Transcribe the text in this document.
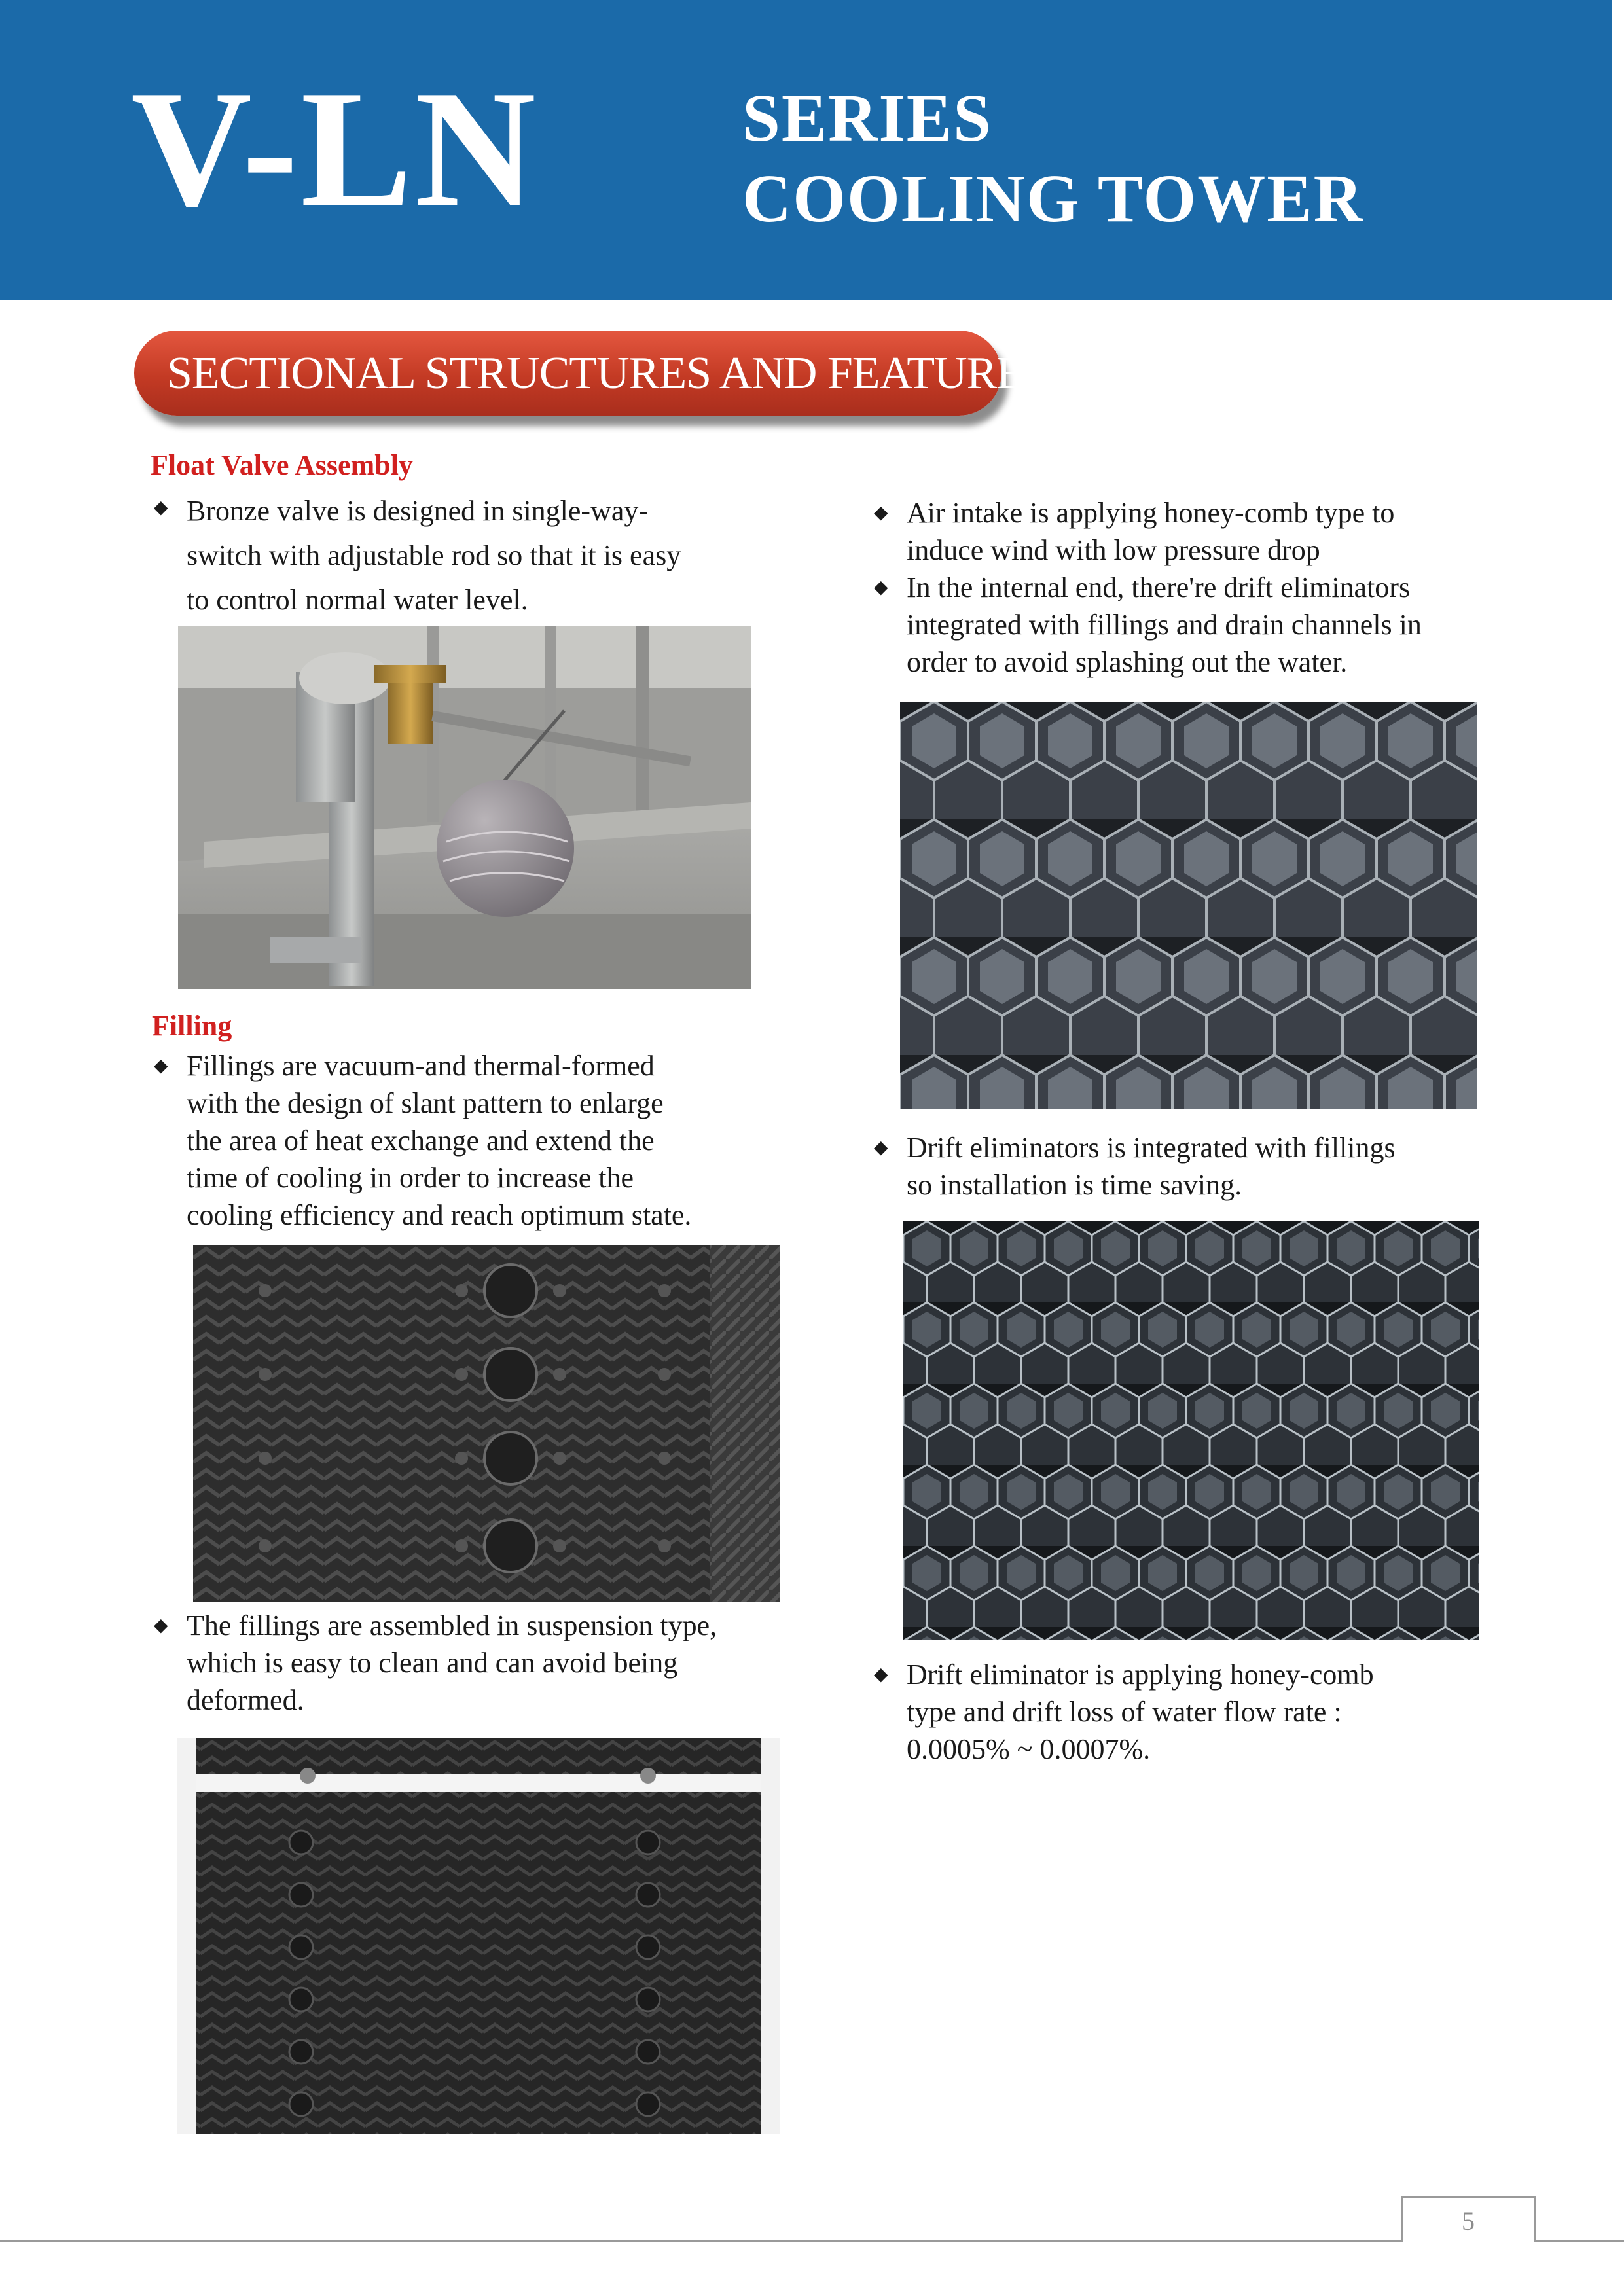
V-LN	SERIES
COOLING TOWER
SECTIONAL STRUCTURES AND FEATURES
Float Valve Assembly
◆ Bronze valve is designed in single-way-
switch with adjustable rod so that it is easy
to control normal water level.
Filling
◆ Fillings are vacuum-and thermal-formed
with the design of slant pattern to enlarge
the area of heat exchange and extend the
time of cooling in order to increase the
cooling efficiency and reach optimum state.
◆ The fillings are assembled in suspension type,
which is easy to clean and can avoid being
deformed.
◆ Air intake is applying honey-comb type to
induce wind with low pressure drop
◆ In the internal end, there're drift eliminators
integrated with fillings and drain channels in
order to avoid splashing out the water.
◆ Drift eliminators is integrated with fillings
so installation is time saving.
◆ Drift eliminator is applying honey-comb
type and drift loss of water flow rate :
0.0005% ~ 0.0007%.
5
